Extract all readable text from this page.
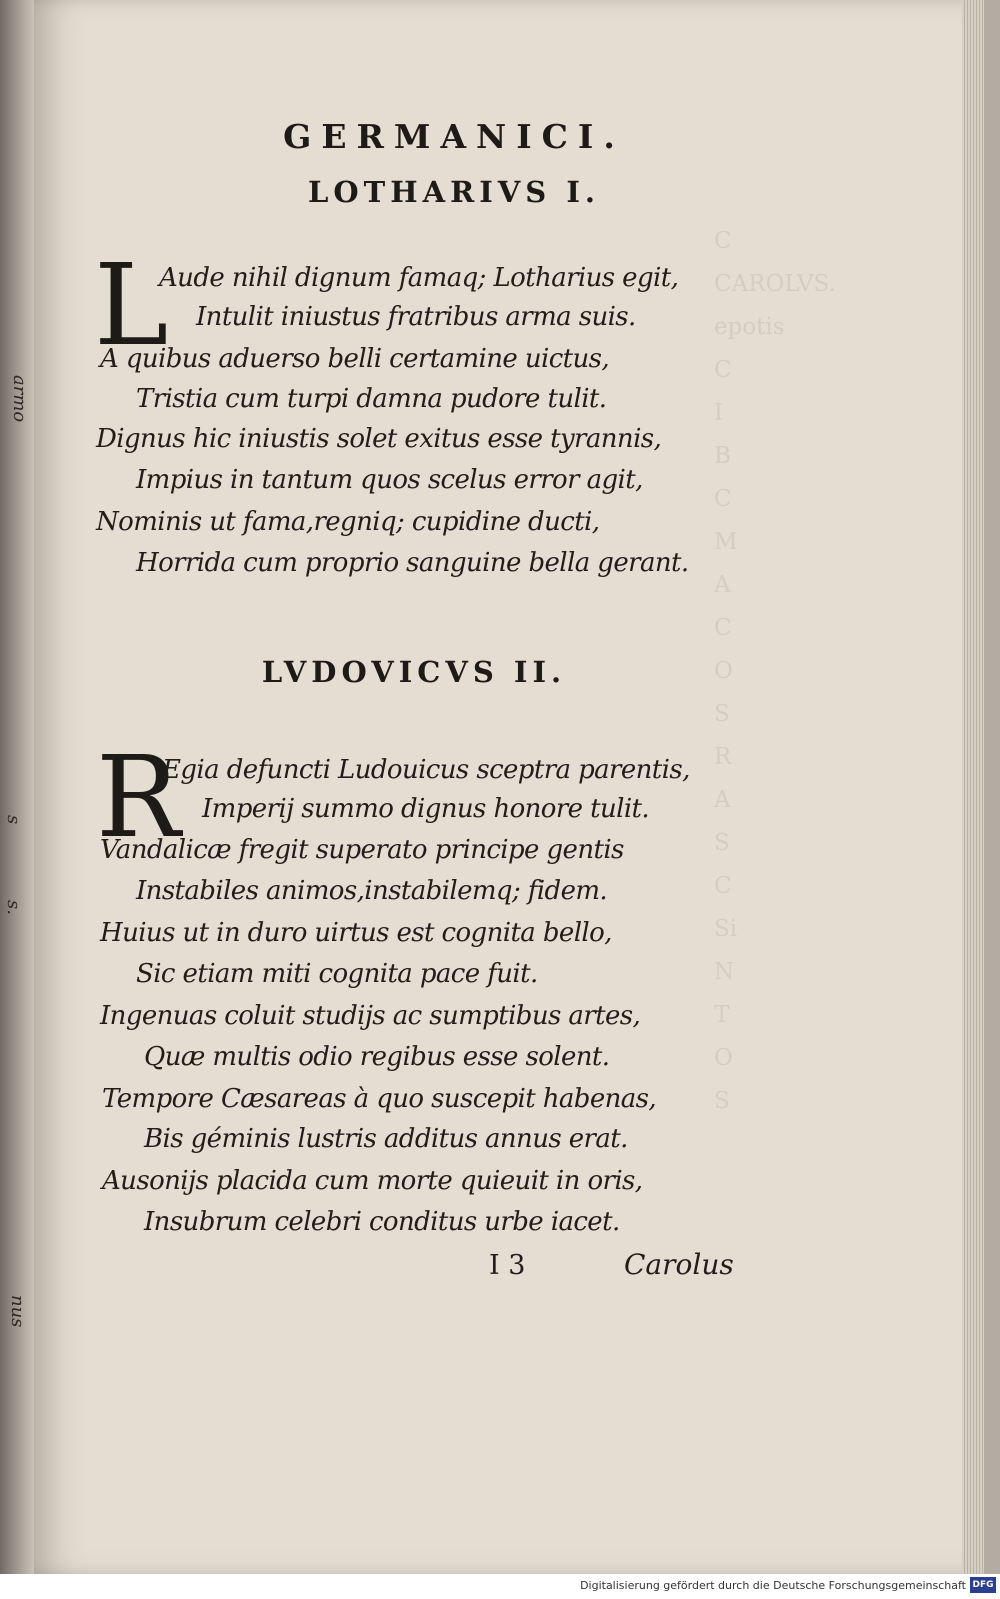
armo
s
s.
nus
C
CAROLVS.
epotis
C
I
B
C
M
A
C
O
S
R
A
S
C
Si
N
T
O
S
GERMANICI.
LOTHARIVS I.
L
Aude nihil dignum famaq; Lotharius egit,
Intulit iniustus fratribus arma suis.
A quibus aduerso belli certamine uictus,
Tristia cum turpi damna pudore tulit.
Dignus hic iniustis solet exitus esse tyrannis,
Impius in tantum quos scelus error agit,
Nominis ut fama,regniq; cupidine ducti,
Horrida cum proprio sanguine bella gerant.
LVDOVICVS II.
R
Egia defuncti Ludouicus sceptra parentis,
Imperij summo dignus honore tulit.
Vandalicæ fregit superato principe gentis
Instabiles animos,instabilemq; fidem.
Huius ut in duro uirtus est cognita bello,
Sic etiam miti cognita pace fuit.
Ingenuas coluit studijs ac sumptibus artes,
Quæ multis odio regibus esse solent.
Tempore Cæsareas à quo suscepit habenas,
Bis géminis lustris additus annus erat.
Ausonijs placida cum morte quieuit in oris,
Insubrum celebri conditus urbe iacet.
I 3	Carolus
Digitalisierung gefördert durch die Deutsche Forschungsgemeinschaft DFG
